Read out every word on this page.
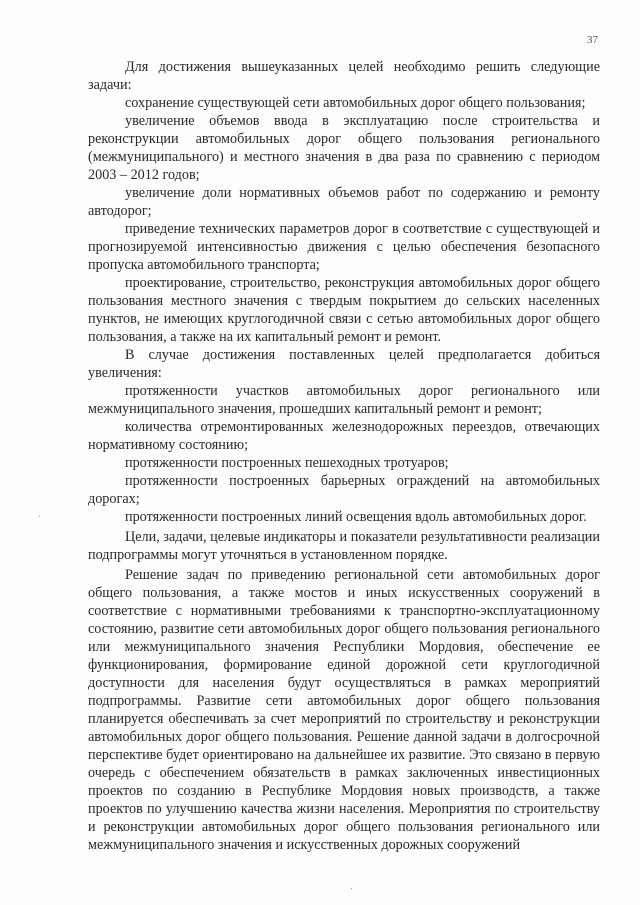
37

Для достижения вышеуказанных целей необходимо решить следующие задачи:

сохранение существующей сети автомобильных дорог общего пользования;

увеличение объемов ввода в эксплуатацию после строительства и реконструкции автомобильных дорог общего пользования регионального (межмуниципального) и местного значения в два раза по сравнению с периодом 2003 – 2012 годов;

увеличение доли нормативных объемов работ по содержанию и ремонту автодорог;

приведение технических параметров дорог в соответствие с существующей и прогнозируемой интенсивностью движения с целью обеспечения безопасного пропуска автомобильного транспорта;

проектирование, строительство, реконструкция автомобильных дорог общего пользования местного значения с твердым покрытием до сельских населенных пунктов, не имеющих круглогодичной связи с сетью автомобильных дорог общего пользования, а также на их капитальный ремонт и ремонт.

В случае достижения поставленных целей предполагается добиться увеличения:

протяженности участков автомобильных дорог регионального или межмуниципального значения, прошедших капитальный ремонт и ремонт;

количества отремонтированных железнодорожных переездов, отвечающих нормативному состоянию;

протяженности построенных пешеходных тротуаров;

протяженности построенных барьерных ограждений на автомобильных дорогах;

протяженности построенных линий освещения вдоль автомобильных дорог.

Цели, задачи, целевые индикаторы и показатели результативности реализации подпрограммы могут уточняться в установленном порядке.

Решение задач по приведению региональной сети автомобильных дорог общего пользования, а также мостов и иных искусственных сооружений в соответствие с нормативными требованиями к транспортно-эксплуатационному состоянию, развитие сети автомобильных дорог общего пользования регионального или межмуниципального значения Республики Мордовия, обеспечение ее функционирования, формирование единой дорожной сети круглогодичной доступности для населения будут осуществляться в рамках мероприятий подпрограммы. Развитие сети автомобильных дорог общего пользования планируется обеспечивать за счет мероприятий по строительству и реконструкции автомобильных дорог общего пользования. Решение данной задачи в долгосрочной перспективе будет ориентировано на дальнейшее их развитие. Это связано в первую очередь с обеспечением обязательств в рамках заключенных инвестиционных проектов по созданию в Республике Мордовия новых производств, а также проектов по улучшению качества жизни населения. Мероприятия по строительству и реконструкции автомобильных дорог общего пользования регионального или межмуниципального значения и искусственных дорожных сооружений

·
·
